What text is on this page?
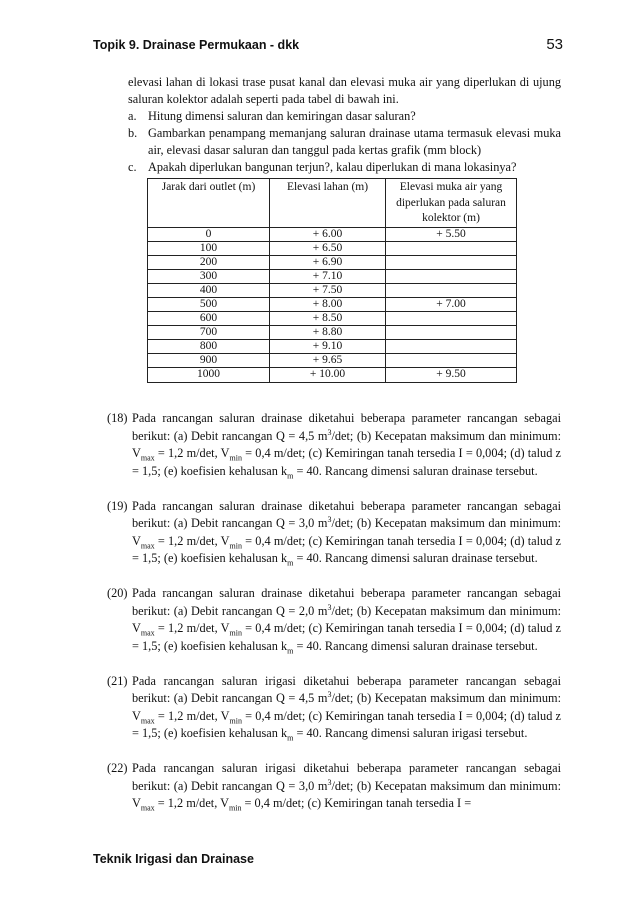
Topik 9. Drainase Permukaan - dkk	53

elevasi lahan di lokasi trase pusat kanal dan elevasi muka air yang diperlukan di ujung saluran kolektor adalah seperti pada tabel di bawah ini.

a. Hitung dimensi saluran dan kemiringan dasar saluran?
b. Gambarkan penampang memanjang saluran drainase utama termasuk elevasi muka air, elevasi dasar saluran dan tanggul pada kertas grafik (mm block)
c. Apakah diperlukan bangunan terjun?, kalau diperlukan di mana lokasinya?
Jarak dari outlet (m)	Elevasi lahan (m)	Elevasi muka air yang diperlukan pada saluran kolektor (m)
0	+ 6.00	+ 5.50
100	+ 6.50	
200	+ 6.90	
300	+ 7.10	
400	+ 7.50	
500	+ 8.00	+ 7.00
600	+ 8.50	
700	+ 8.80	
800	+ 9.10	
900	+ 9.65	
1000	+ 10.00	+ 9.50
(18) Pada rancangan saluran drainase diketahui beberapa parameter rancangan sebagai berikut: (a) Debit rancangan Q = 4,5 $m^3/\det$; (b) Kecepatan maksimum dan minimum: $V_{max} = 1,2$ m/det, $V_{min} = 0,4$ m/det; (c) Kemiringan tanah tersedia I = 0,004; (d) talud z = 1,5; (e) koefisien kehalusan $k_m = 40$. Rancang dimensi saluran drainase tersebut.
(19) Pada rancangan saluran drainase diketahui beberapa parameter rancangan sebagai berikut: (a) Debit rancangan Q = 3,0 $m^3/\det$; (b) Kecepatan maksimum dan minimum: $V_{max} = 1,2$ m/det, $V_{min} = 0,4$ m/det; (c) Kemiringan tanah tersedia I = 0,004; (d) talud z = 1,5; (e) koefisien kehalusan $k_m = 40$. Rancang dimensi saluran drainase tersebut.
(20) Pada rancangan saluran drainase diketahui beberapa parameter rancangan sebagai berikut: (a) Debit rancangan Q = 2,0 $m^3/\det$; (b) Kecepatan maksimum dan minimum: $V_{max} = 1,2$ m/det, $V_{min} = 0,4$ m/det; (c) Kemiringan tanah tersedia I = 0,004; (d) talud z = 1,5; (e) koefisien kehalusan $k_m = 40$. Rancang dimensi saluran drainase tersebut.
(21) Pada rancangan saluran irigasi diketahui beberapa parameter rancangan sebagai berikut: (a) Debit rancangan Q = 4,5 $m^3/\det$; (b) Kecepatan maksimum dan minimum: $V_{max} = 1,2$ m/det, $V_{min} = 0,4$ m/det; (c) Kemiringan tanah tersedia I = 0,004; (d) talud z = 1,5; (e) koefisien kehalusan $k_m = 40$. Rancang dimensi saluran irigasi tersebut.
(22) Pada rancangan saluran irigasi diketahui beberapa parameter rancangan sebagai berikut: (a) Debit rancangan Q = 3,0 $m^3/\det$; (b) Kecepatan maksimum dan minimum: $V_{max} = 1,2$ m/det, $V_{min} = 0,4$ m/det; (c) Kemiringan tanah tersedia I =
Teknik Irigasi dan Drainase
